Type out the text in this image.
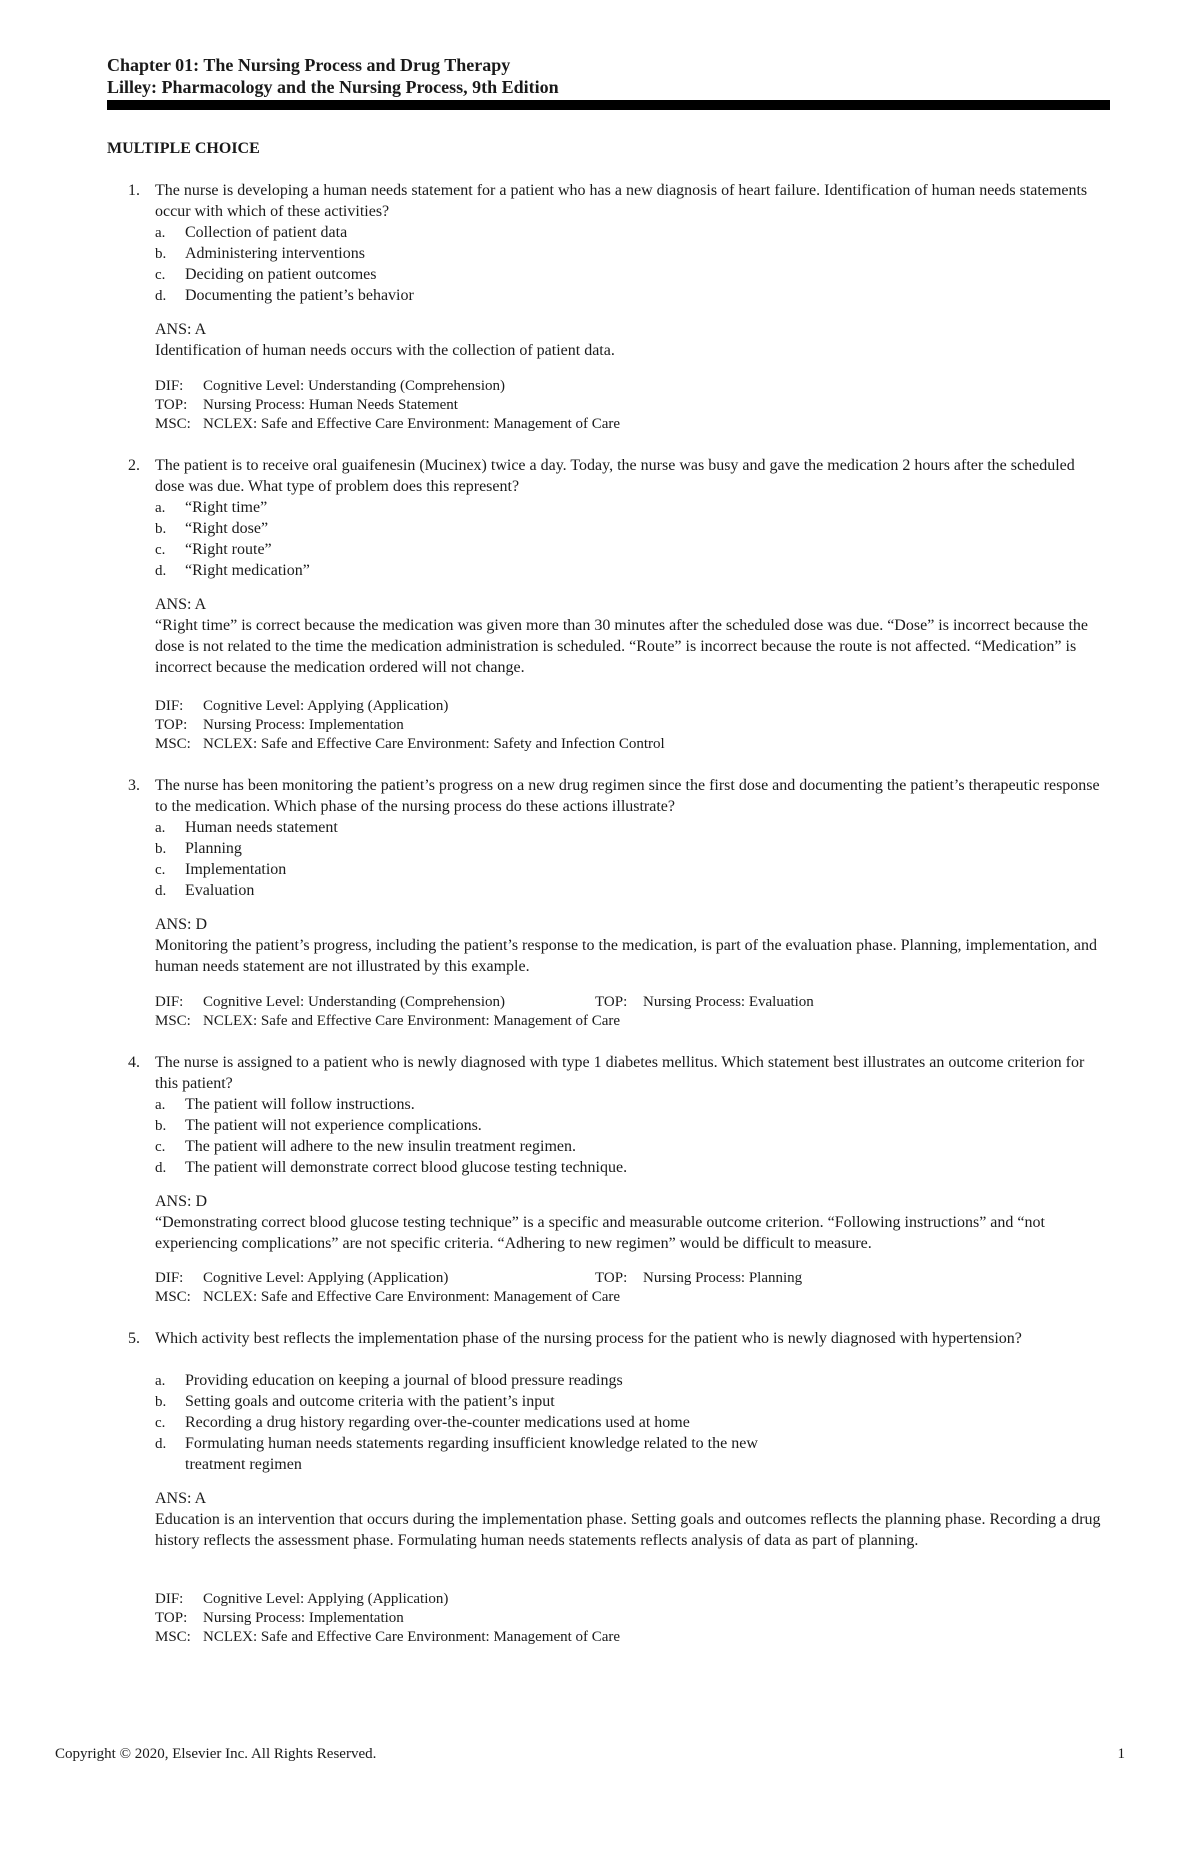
Chapter 01: The Nursing Process and Drug Therapy
Lilley: Pharmacology and the Nursing Process, 9th Edition
MULTIPLE CHOICE
1. The nurse is developing a human needs statement for a patient who has a new diagnosis of heart failure. Identification of human needs statements occur with which of these activities?
a. Collection of patient data
b. Administering interventions
c. Deciding on patient outcomes
d. Documenting the patient’s behavior
ANS: A
Identification of human needs occurs with the collection of patient data.
DIF: Cognitive Level: Understanding (Comprehension)
TOP: Nursing Process: Human Needs Statement
MSC: NCLEX: Safe and Effective Care Environment: Management of Care
2. The patient is to receive oral guaifenesin (Mucinex) twice a day. Today, the nurse was busy and gave the medication 2 hours after the scheduled dose was due. What type of problem does this represent?
a. “Right time”
b. “Right dose”
c. “Right route”
d. “Right medication”
ANS: A
“Right time” is correct because the medication was given more than 30 minutes after the scheduled dose was due. “Dose” is incorrect because the dose is not related to the time the medication administration is scheduled. “Route” is incorrect because the route is not affected. “Medication” is incorrect because the medication ordered will not change.
DIF: Cognitive Level: Applying (Application)
TOP: Nursing Process: Implementation
MSC: NCLEX: Safe and Effective Care Environment: Safety and Infection Control
3. The nurse has been monitoring the patient’s progress on a new drug regimen since the first dose and documenting the patient’s therapeutic response to the medication. Which phase of the nursing process do these actions illustrate?
a. Human needs statement
b. Planning
c. Implementation
d. Evaluation
ANS: D
Monitoring the patient’s progress, including the patient’s response to the medication, is part of the evaluation phase. Planning, implementation, and human needs statement are not illustrated by this example.
DIF: Cognitive Level: Understanding (Comprehension)	TOP: Nursing Process: Evaluation
MSC: NCLEX: Safe and Effective Care Environment: Management of Care
4. The nurse is assigned to a patient who is newly diagnosed with type 1 diabetes mellitus. Which statement best illustrates an outcome criterion for this patient?
a. The patient will follow instructions.
b. The patient will not experience complications.
c. The patient will adhere to the new insulin treatment regimen.
d. The patient will demonstrate correct blood glucose testing technique.
ANS: D
“Demonstrating correct blood glucose testing technique” is a specific and measurable outcome criterion. “Following instructions” and “not experiencing complications” are not specific criteria. “Adhering to new regimen” would be difficult to measure.
DIF: Cognitive Level: Applying (Application)	TOP: Nursing Process: Planning
MSC: NCLEX: Safe and Effective Care Environment: Management of Care
5. Which activity best reflects the implementation phase of the nursing process for the patient who is newly diagnosed with hypertension?
a. Providing education on keeping a journal of blood pressure readings
b. Setting goals and outcome criteria with the patient’s input
c. Recording a drug history regarding over-the-counter medications used at home
d. Formulating human needs statements regarding insufficient knowledge related to the new treatment regimen
ANS: A
Education is an intervention that occurs during the implementation phase. Setting goals and outcomes reflects the planning phase. Recording a drug history reflects the assessment phase. Formulating human needs statements reflects analysis of data as part of planning.
DIF: Cognitive Level: Applying (Application)
TOP: Nursing Process: Implementation
MSC: NCLEX: Safe and Effective Care Environment: Management of Care
Copyright © 2020, Elsevier Inc. All Rights Reserved.	1
